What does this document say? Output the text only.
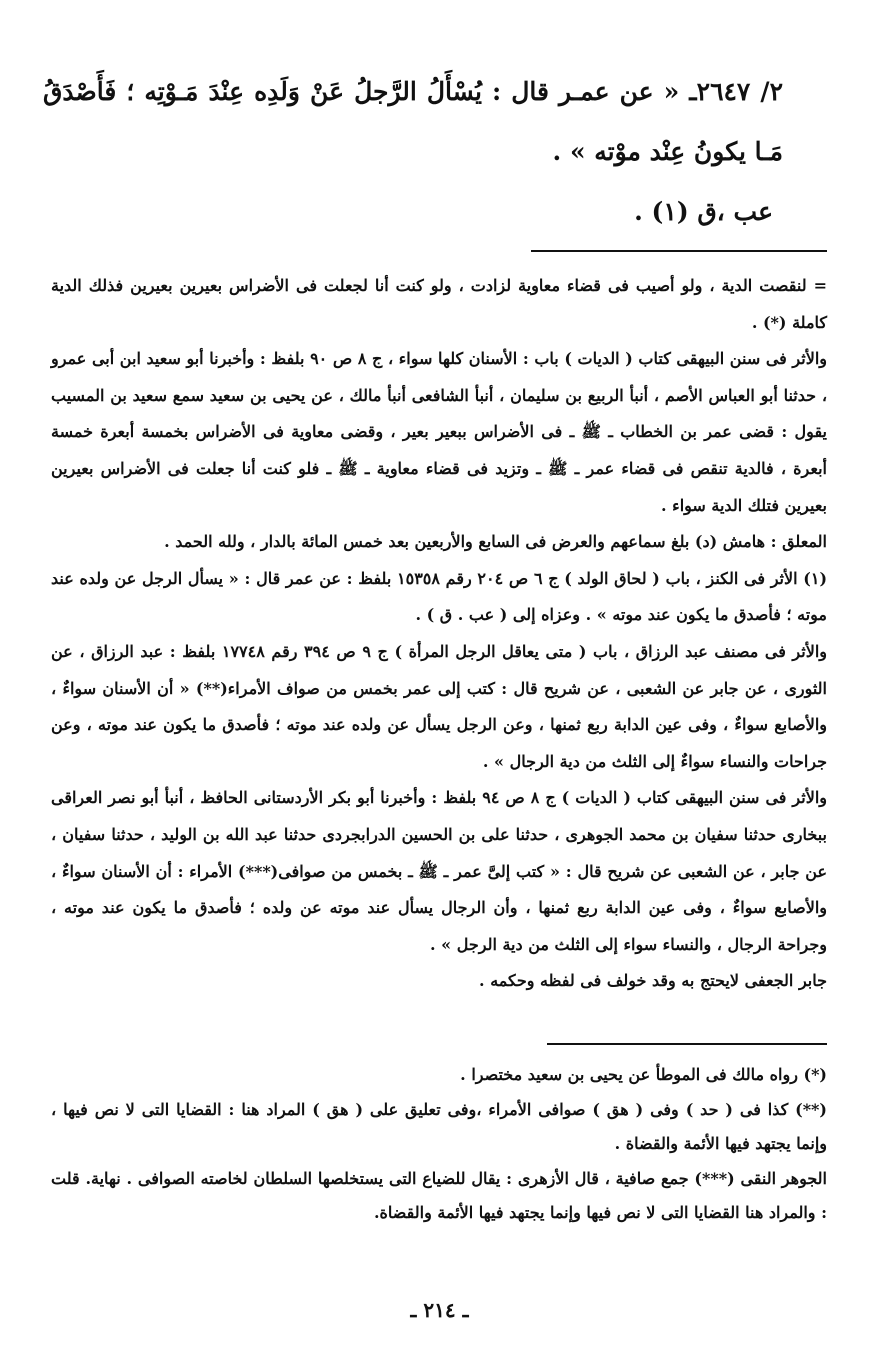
٢/ ٢٦٤٧ـ « عن عمـر قال : يُسْأَلُ الرَّجلُ عَنْ وَلَدِه عِنْدَ مَـوْتِه ؛ فَأَصْدَقُ مَـا يكونُ عِنْد موْته » .

عب ،ق (١) .

= لنقصت الدية ، ولو أصيب فى قضاء معاوية لزادت ، ولو كنت أنا لجعلت فى الأضراس بعيرين بعيرين فذلك الدية كاملة (*) .

والأثر فى سنن البيهقى كتاب ( الديات ) باب : الأسنان كلها سواء ، ج ٨ ص ٩٠ بلفظ : وأخبرنا أبو سعيد ابن أبى عمرو ، حدثنا أبو العباس الأصم ، أنبأ الربيع بن سليمان ، أنبأ الشافعى أنبأ مالك ، عن يحيى بن سعيد سمع سعيد بن المسيب يقول : قضى عمر بن الخطاب ـ ﷺ ـ فى الأضراس ببعير بعير ، وقضى معاوية فى الأضراس بخمسة أبعرة خمسة أبعرة ، فالدية تنقص فى قضاء عمر ـ ﷺ ـ وتزيد فى قضاء معاوية ـ ﷺ ـ فلو كنت أنا جعلت فى الأضراس بعيرين بعيرين فتلك الدية سواء .

المعلق : هامش (د) بلغ سماعهم والعرض فى السابع والأربعين بعد خمس المائة بالدار ، ولله الحمد .

(١) الأثر فى الكنز ، باب ( لحاق الولد ) ج ٦ ص ٢٠٤ رقم ١٥٣٥٨ بلفظ : عن عمر قال : « يسأل الرجل عن ولده عند موته ؛ فأصدق ما يكون عند موته » . وعزاه إلى ( عب . ق ) .

والأثر فى مصنف عبد الرزاق ، باب ( متى يعاقل الرجل المرأة ) ج ٩ ص ٣٩٤ رقم ١٧٧٤٨ بلفظ : عبد الرزاق ، عن الثورى ، عن جابر عن الشعبى ، عن شريح قال : كتب إلى عمر بخمس من صواف الأمراء(**) « أن الأسنان سواءٌ ، والأصابع سواءٌ ، وفى عين الدابة ربع ثمنها ، وعن الرجل يسأل عن ولده عند موته ؛ فأصدق ما يكون عند موته ، وعن جراحات والنساء سواءٌ إلى الثلث من دية الرجال » .

والأثر فى سنن البيهقى كتاب ( الديات ) ج ٨ ص ٩٤ بلفظ : وأخبرنا أبو بكر الأردستانى الحافظ ، أنبأ أبو نصر العراقى ببخارى حدثنا سفيان بن محمد الجوهرى ، حدثنا على بن الحسين الدرابجردى حدثنا عبد الله بن الوليد ، حدثنا سفيان ، عن جابر ، عن الشعبى عن شريح قال : « كتب إلىَّ عمر ـ ﷺ ـ بخمس من صوافى(***) الأمراء : أن الأسنان سواءٌ ، والأصابع سواءٌ ، وفى عين الدابة ربع ثمنها ، وأن الرجال يسأل عند موته عن ولده ؛ فأصدق ما يكون عند موته ، وجراحة الرجال ، والنساء سواء إلى الثلث من دية الرجل » .

جابر الجعفى لايحتج به وقد خولف فى لفظه وحكمه .

(*) رواه مالك فى الموطأ عن يحيى بن سعيد مختصرا .

(**) كذا فى ( حد ) وفى ( هق ) صوافى الأمراء ،وفى تعليق على ( هق ) المراد هنا : القضايا التى لا نص فيها ، وإنما يجتهد فيها الأئمة والقضاة .

الجوهر النقى (***) جمع صافية ، قال الأزهرى : يقال للضياع التى يستخلصها السلطان لخاصته الصوافى . نهاية. قلت : والمراد هنا القضايا التى لا نص فيها وإنما يجتهد فيها الأئمة والقضاة.

ـ ٢١٤ ـ
